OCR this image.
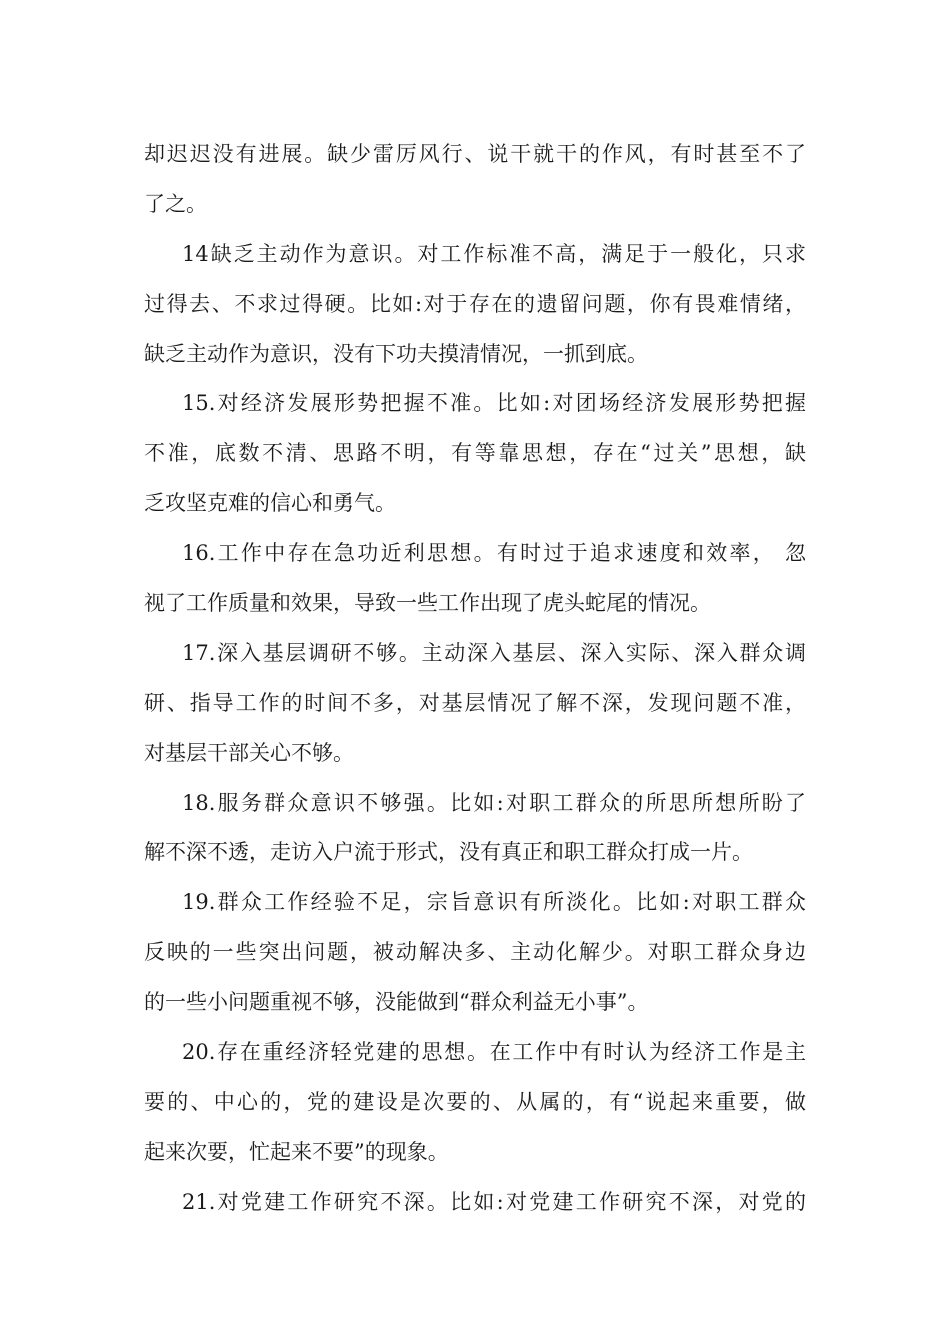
却迟迟没有进展。缺少雷厉风行、说干就干的作风，有时甚至不了
了之。
14缺乏主动作为意识。对工作标准不高，满足于一般化，只求
过得去、不求过得硬。比如:对于存在的遗留问题，你有畏难情绪，
缺乏主动作为意识，没有下功夫摸清情况，一抓到底。
15.对经济发展形势把握不准。比如:对团场经济发展形势把握
不准，底数不清、思路不明，有等靠思想，存在“过关”思想，缺
乏攻坚克难的信心和勇气。
16.工作中存在急功近利思想。有时过于追求速度和效率， 忽
视了工作质量和效果，导致一些工作出现了虎头蛇尾的情况。
17.深入基层调研不够。主动深入基层、深入实际、深入群众调
研、指导工作的时间不多，对基层情况了解不深，发现问题不准，
对基层干部关心不够。
18.服务群众意识不够强。比如:对职工群众的所思所想所盼了
解不深不透，走访入户流于形式，没有真正和职工群众打成一片。
19.群众工作经验不足，宗旨意识有所淡化。比如:对职工群众
反映的一些突出问题，被动解决多、主动化解少。对职工群众身边
的一些小问题重视不够，没能做到“群众利益无小事”。
20.存在重经济轻党建的思想。在工作中有时认为经济工作是主
要的、中心的，党的建设是次要的、从属的，有“说起来重要，做
起来次要，忙起来不要”的现象。
21.对党建工作研究不深。比如:对党建工作研究不深，对党的
